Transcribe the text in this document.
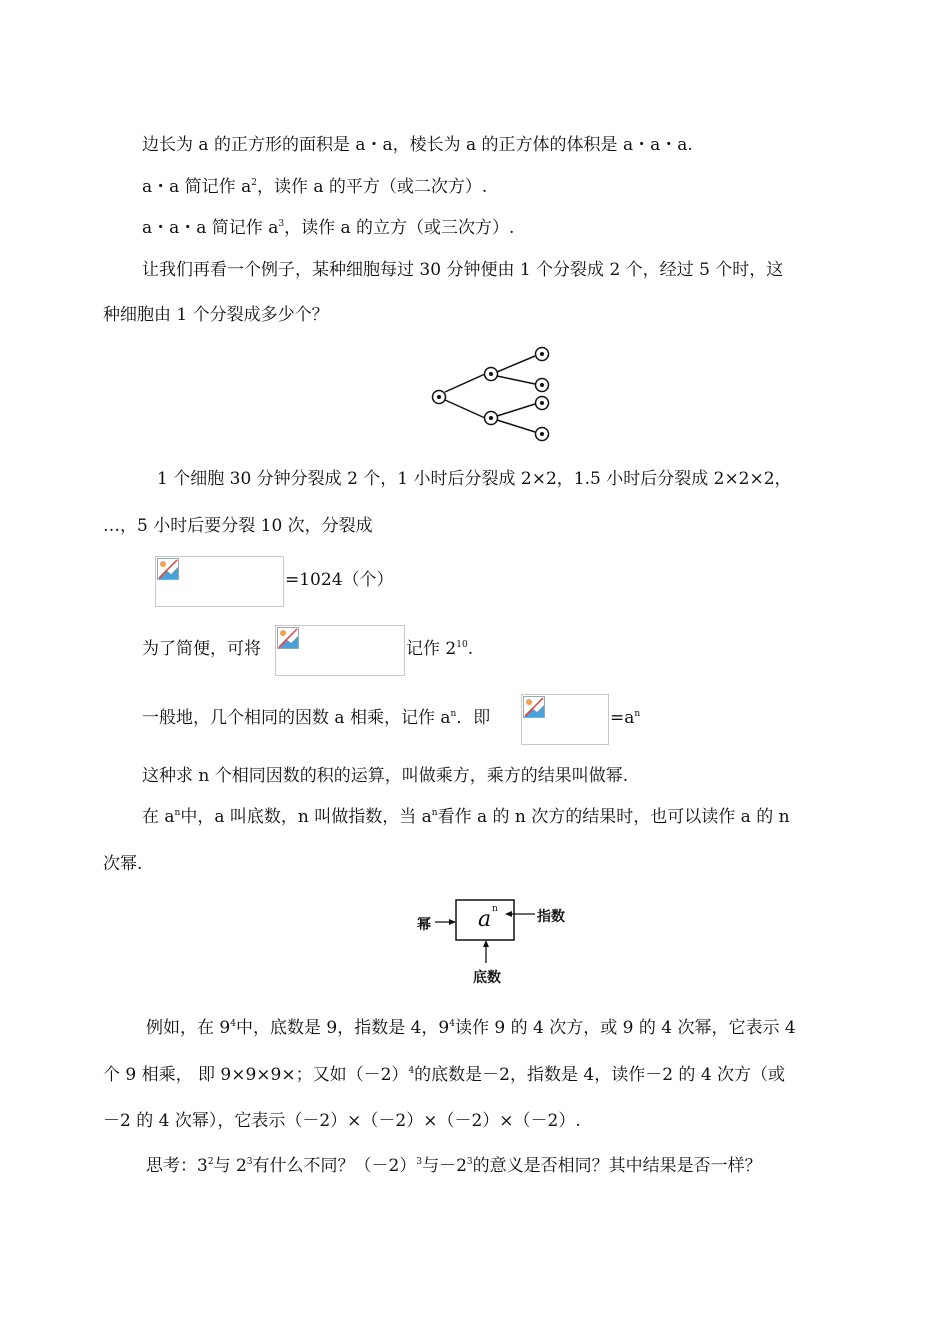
边长为 a 的正方形的面积是 a・a，棱长为 a 的正方体的体积是 a・a・a.
a・a 简记作 $a^2$，读作 a 的平方（或二次方）.
a・a・a 简记作 $a^3$，读作 a 的立方（或三次方）.
让我们再看一个例子，某种细胞每过 30 分钟便由 1 个分裂成 2 个，经过 5 个时，这
种细胞由 1 个分裂成多少个？
1 个细胞 30 分钟分裂成 2 个，1 小时后分裂成 2×2，1.5 小时后分裂成 2×2×2，
…，5 小时后要分裂 10 次，分裂成
=1024（个）
为了简便，可将	记作 $2^{10}$.
一般地，几个相同的因数 a 相乘，记作 $a^n$．即	$=a^n$
这种求 n 个相同因数的积的运算，叫做乘方，乘方的结果叫做幂.
在 $a^n$中，a 叫底数，n 叫做指数，当 $a^n$看作 a 的 n 次方的结果时，也可以读作 a 的 n
次幂.
幂 a n	指数
底数
例如，在 $9^4$中，底数是 9，指数是 4，$9^4$读作 9 的 4 次方，或 9 的 4 次幂，它表示 4
个 9 相乘， 即 9×9×9×；又如$(-2)^4$的底数是－2，指数是 4，读作－2 的 4 次方（或
－2 的 4 次幂），它表示（－2）×（－2）×（－2）×（－2）.
思考：$3^2$与 $2^3$有什么不同？$(-2)^3$与$-2^3$的意义是否相同？其中结果是否一样？
